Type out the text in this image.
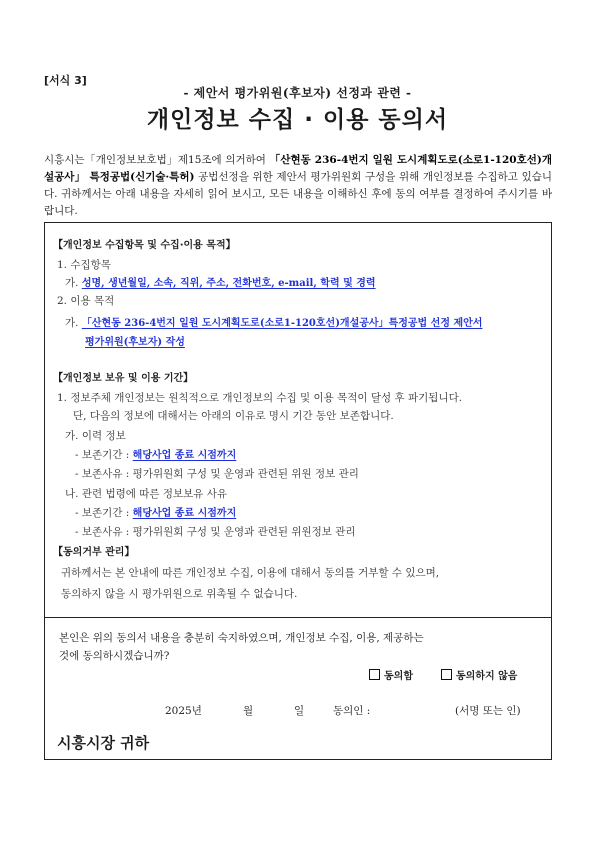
[서식 3]
- 제안서 평가위원(후보자) 선정과 관련 -
개인정보 수집 · 이용 동의서
시흥시는「개인정보보호법」제15조에 의거하여 「산현동 236-4번지 일원 도시계획도로(소로1-120호선)개설공사」 특정공법(신기술·특허) 공법선정을 위한 제안서 평가위원회 구성을 위해 개인정보를 수집하고 있습니다. 귀하께서는 아래 내용을 자세히 읽어 보시고, 모든 내용을 이해하신 후에 동의 여부를 결정하여 주시기를 바랍니다.
【개인정보 수집항목 및 수집·이용 목적】
1. 수집항목
가. 성명, 생년월일, 소속, 직위, 주소, 전화번호, e-mail, 학력 및 경력
2. 이용 목적
가. 「산현동 236-4번지 일원 도시계획도로(소로1-120호선)개설공사」특정공법 선정 제안서
평가위원(후보자) 작성
【개인정보 보유 및 이용 기간】
1. 정보주체 개인정보는 원칙적으로 개인정보의 수집 및 이용 목적이 달성 후 파기됩니다.
단, 다음의 정보에 대해서는 아래의 이유로 명시 기간 동안 보존합니다.
가. 이력 정보
- 보존기간 : 해당사업 종료 시점까지
- 보존사유 : 평가위원회 구성 및 운영과 관련된 위원 정보 관리
나. 관련 법령에 따른 정보보유 사유
- 보존기간 : 해당사업 종료 시점까지
- 보존사유 : 평가위원회 구성 및 운영과 관련된 위원정보 관리
【동의거부 관리】
귀하께서는 본 안내에 따른 개인정보 수집, 이용에 대해서 동의를 거부할 수 있으며,
동의하지 않을 시 평가위원으로 위촉될 수 없습니다.
본인은 위의 동의서 내용을 충분히 숙지하였으며, 개인정보 수집, 이용, 제공하는
것에 동의하시겠습니까?
동의함	동의하지 않음
2025년	월	일	동의인 :	(서명 또는 인)
시흥시장 귀하
